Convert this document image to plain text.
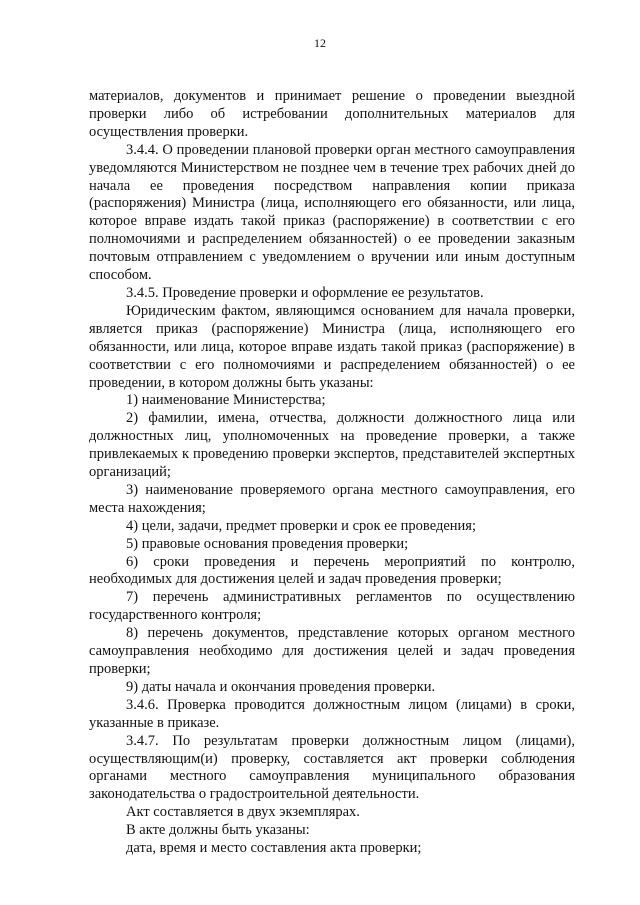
12

материалов, документов и принимает решение о проведении выездной проверки либо об истребовании дополнительных материалов для осуществления проверки.

3.4.4. О проведении плановой проверки орган местного самоуправления уведомляются Министерством не позднее чем в течение трех рабочих дней до начала ее проведения посредством направления копии приказа (распоряжения) Министра (лица, исполняющего его обязанности, или лица, которое вправе издать такой приказ (распоряжение) в соответствии с его полномочиями и распределением обязанностей) о ее проведении заказным почтовым отправлением с уведомлением о вручении или иным доступным способом.

3.4.5. Проведение проверки и оформление ее результатов.

Юридическим фактом, являющимся основанием для начала проверки, является приказ (распоряжение) Министра (лица, исполняющего его обязанности, или лица, которое вправе издать такой приказ (распоряжение) в соответствии с его полномочиями и распределением обязанностей) о ее проведении, в котором должны быть указаны:

1) наименование Министерства;

2) фамилии, имена, отчества, должности должностного лица или должностных лиц, уполномоченных на проведение проверки, а также привлекаемых к проведению проверки экспертов, представителей экспертных организаций;

3) наименование проверяемого органа местного самоуправления, его места нахождения;

4) цели, задачи, предмет проверки и срок ее проведения;

5) правовые основания проведения проверки;

6) сроки проведения и перечень мероприятий по контролю, необходимых для достижения целей и задач проведения проверки;

7) перечень административных регламентов по осуществлению государственного контроля;

8) перечень документов, представление которых органом местного самоуправления необходимо для достижения целей и задач проведения проверки;

9) даты начала и окончания проведения проверки.

3.4.6. Проверка проводится должностным лицом (лицами) в сроки, указанные в приказе.

3.4.7. По результатам проверки должностным лицом (лицами), осуществляющим(и) проверку, составляется акт проверки соблюдения органами местного самоуправления муниципального образования законодательства о градостроительной деятельности.

Акт составляется в двух экземплярах.

В акте должны быть указаны:

дата, время и место составления акта проверки;
